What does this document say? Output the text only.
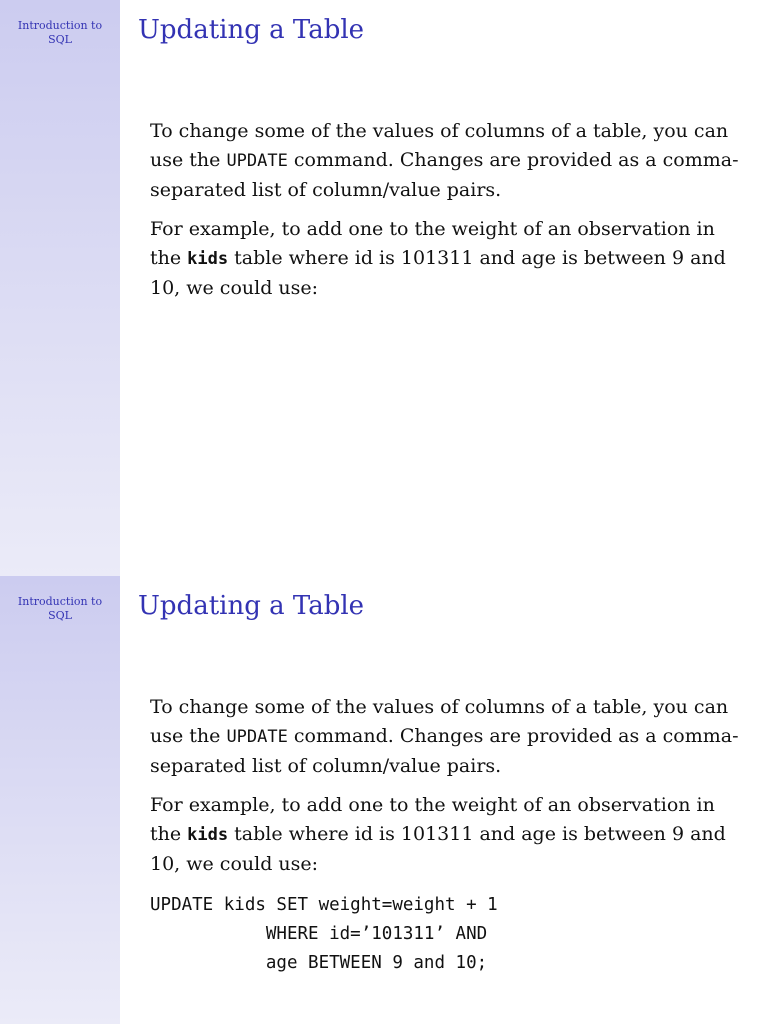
Introduction to
SQL	Updating a Table

To change some of the values of columns of a table, you can use the UPDATE command. Changes are provided as a comma-separated list of column/value pairs.

For example, to add one to the weight of an observation in the kids table where id is 101311 and age is between 9 and 10, we could use:

Introduction to
SQL	Updating a Table

To change some of the values of columns of a table, you can use the UPDATE command. Changes are provided as a comma-separated list of column/value pairs.

For example, to add one to the weight of an observation in the kids table where id is 101311 and age is between 9 and 10, we could use:

UPDATE kids SET weight=weight + 1
WHERE id=’101311’ AND
age BETWEEN 9 and 10;
